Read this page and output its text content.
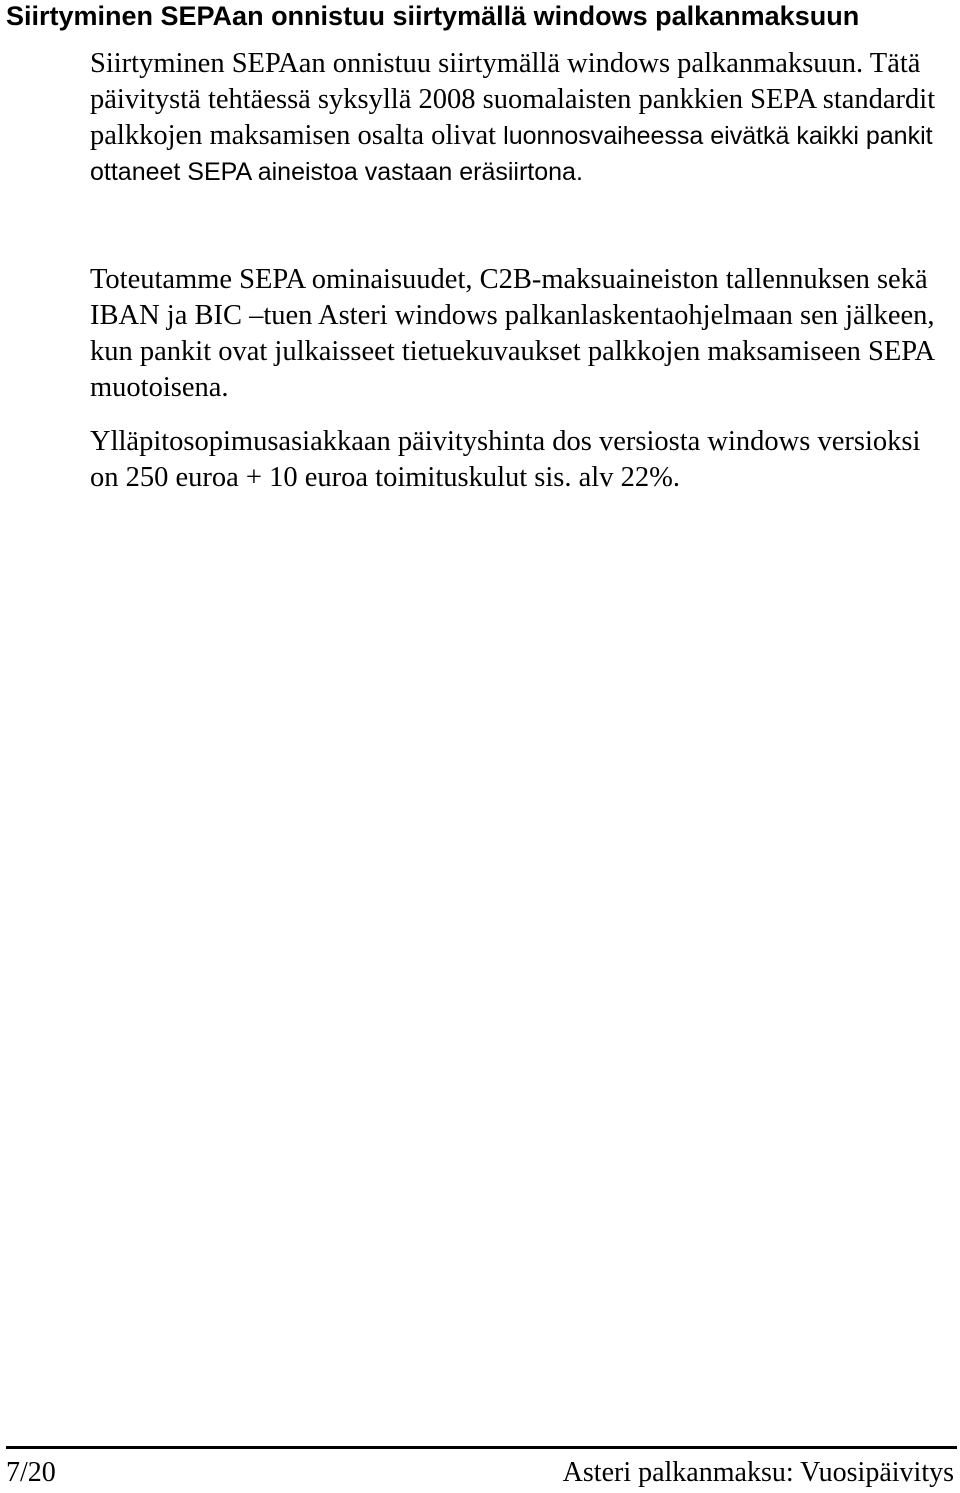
Siirtyminen SEPAan onnistuu siirtymällä windows palkanmaksuun

Siirtyminen SEPAan onnistuu siirtymällä windows palkanmaksuun. Tätä päivitystä tehtäessä syksyllä 2008 suomalaisten pankkien SEPA standardit palkkojen maksamisen osalta olivat luonnosvaiheessa eivätkä kaikki pankit ottaneet SEPA aineistoa vastaan eräsiirtona.

Toteutamme SEPA ominaisuudet, C2B-maksuaineiston tallennuksen sekä IBAN ja BIC –tuen Asteri windows palkanlaskentaohjelmaan sen jälkeen, kun pankit ovat julkaisseet tietuekuvaukset palkkojen maksamiseen SEPA muotoisena.

Ylläpitosopimusasiakkaan päivityshinta dos versiosta windows versioksi on 250 euroa + 10 euroa toimituskulut sis. alv 22%.

7/20	Asteri palkanmaksu: Vuosipäivitys
